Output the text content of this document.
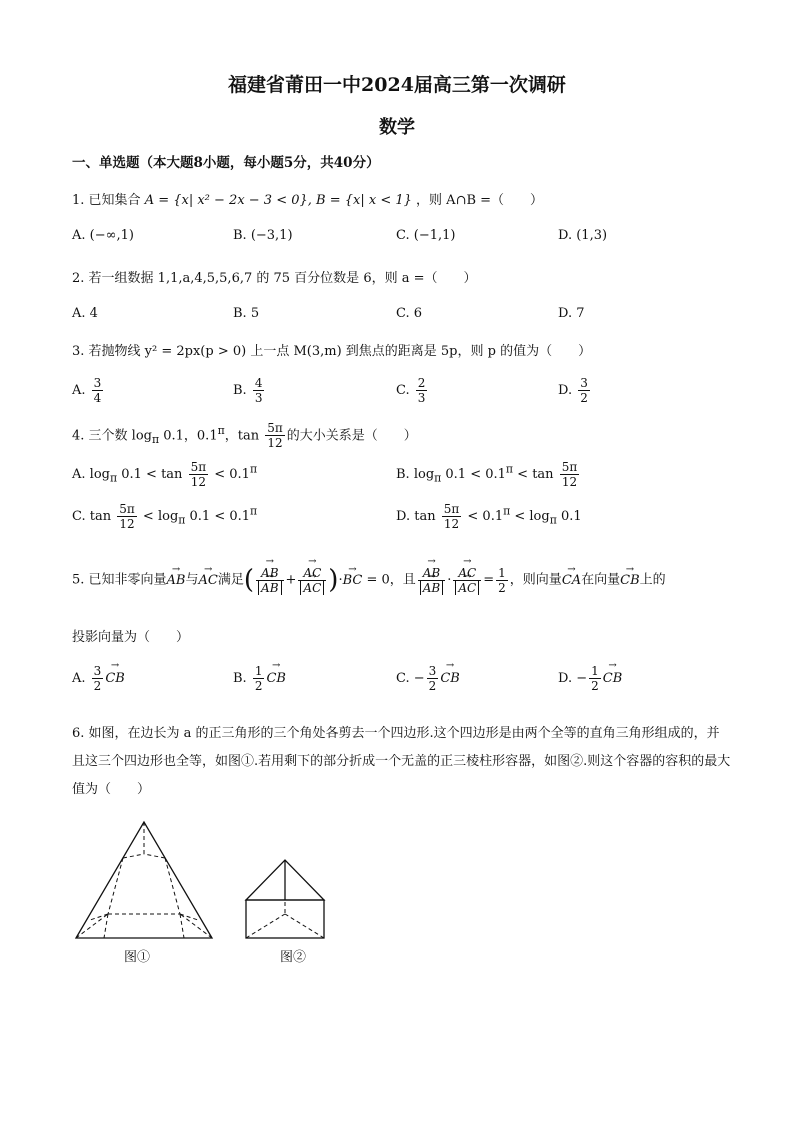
福建省莆田一中2024届高三第一次调研
数学
一、单选题（本大题8小题，每小题5分，共40分）
1. 已知集合 A = {x| x² − 2x − 3 < 0}, B = {x| x < 1} ，则 A∩B =（　　）
A. (−∞,1)	B. (−3,1)	C. (−1,1)	D. (1,3)
2. 若一组数据 1,1,a,4,5,5,6,7 的 75 百分位数是 6，则 a =（　　）
A. 4	B. 5	C. 6	D. 7
3. 若抛物线 y² = 2px(p > 0) 上一点 M(3,m) 到焦点的距离是 5p，则 p 的值为（　　）
A. $\frac{3}{4}$	B. $\frac{4}{3}$	C. $\frac{2}{3}$	D. $\frac{3}{2}$
4. 三个数 $\log_\pi 0.1$，$0.1^\pi$，$\tan \frac{5\pi}{12}$ 的大小关系是（　　）
A. $\log_\pi 0.1 < \tan \frac{5\pi}{12} < 0.1^\pi$	B. $\log_\pi 0.1 < 0.1^\pi < \tan \frac{5\pi}{12}$
C. $\tan \frac{5\pi}{12} < \log_\pi 0.1 < 0.1^\pi$	D. $\tan \frac{5\pi}{12} < 0.1^\pi < \log_\pi 0.1$
5. 已知非零向量→ AB与→ AC满足( → AB
→ AB + → AC
→ AC )·→ BC = 0，且 → AB
→ AB · → AC
→ AC = $\frac{1}{2}$ ，则向量→ CA在向量→ CB上的
投影向量为（　　）
A. $\frac{3}{2}$ → CB	B. $\frac{1}{2}$ → CB	C. − $\frac{3}{2}$ → CB	D. − $\frac{1}{2}$ → CB
6. 如图，在边长为 a 的正三角形的三个角处各剪去一个四边形.这个四边形是由两个全等的直角三角形组成的，并且这三个四边形也全等，如图①.若用剩下的部分折成一个无盖的正三棱柱形容器，如图②.则这个容器的容积的最大值为（　　）
图①	图②
